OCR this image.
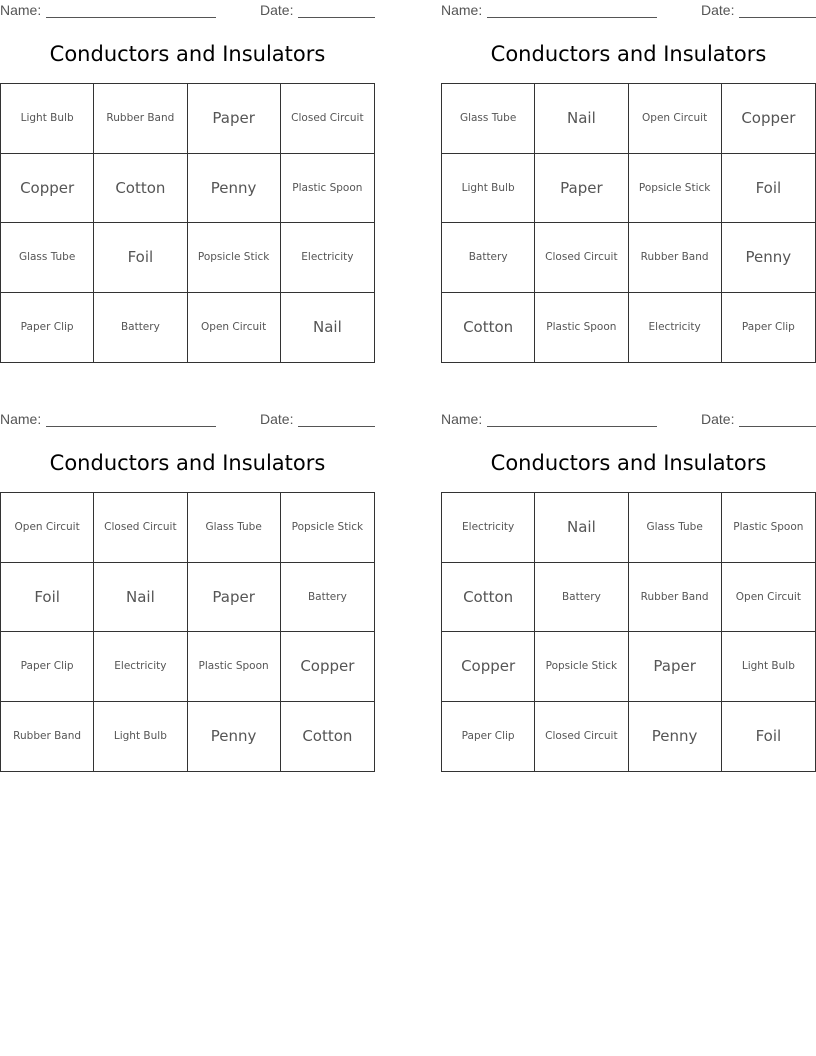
Name:	Date:
Conductors and Insulators
Light Bulb	Rubber Band	Paper	Closed Circuit
Copper	Cotton	Penny	Plastic Spoon
Glass Tube	Foil	Popsicle Stick	Electricity
Paper Clip	Battery	Open Circuit	Nail
Name:	Date:
Conductors and Insulators
Glass Tube	Nail	Open Circuit	Copper
Light Bulb	Paper	Popsicle Stick	Foil
Battery	Closed Circuit	Rubber Band	Penny
Cotton	Plastic Spoon	Electricity	Paper Clip
Name:	Date:
Conductors and Insulators
Open Circuit	Closed Circuit	Glass Tube	Popsicle Stick
Foil	Nail	Paper	Battery
Paper Clip	Electricity	Plastic Spoon	Copper
Rubber Band	Light Bulb	Penny	Cotton
Name:	Date:
Conductors and Insulators
Electricity	Nail	Glass Tube	Plastic Spoon
Cotton	Battery	Rubber Band	Open Circuit
Copper	Popsicle Stick	Paper	Light Bulb
Paper Clip	Closed Circuit	Penny	Foil
